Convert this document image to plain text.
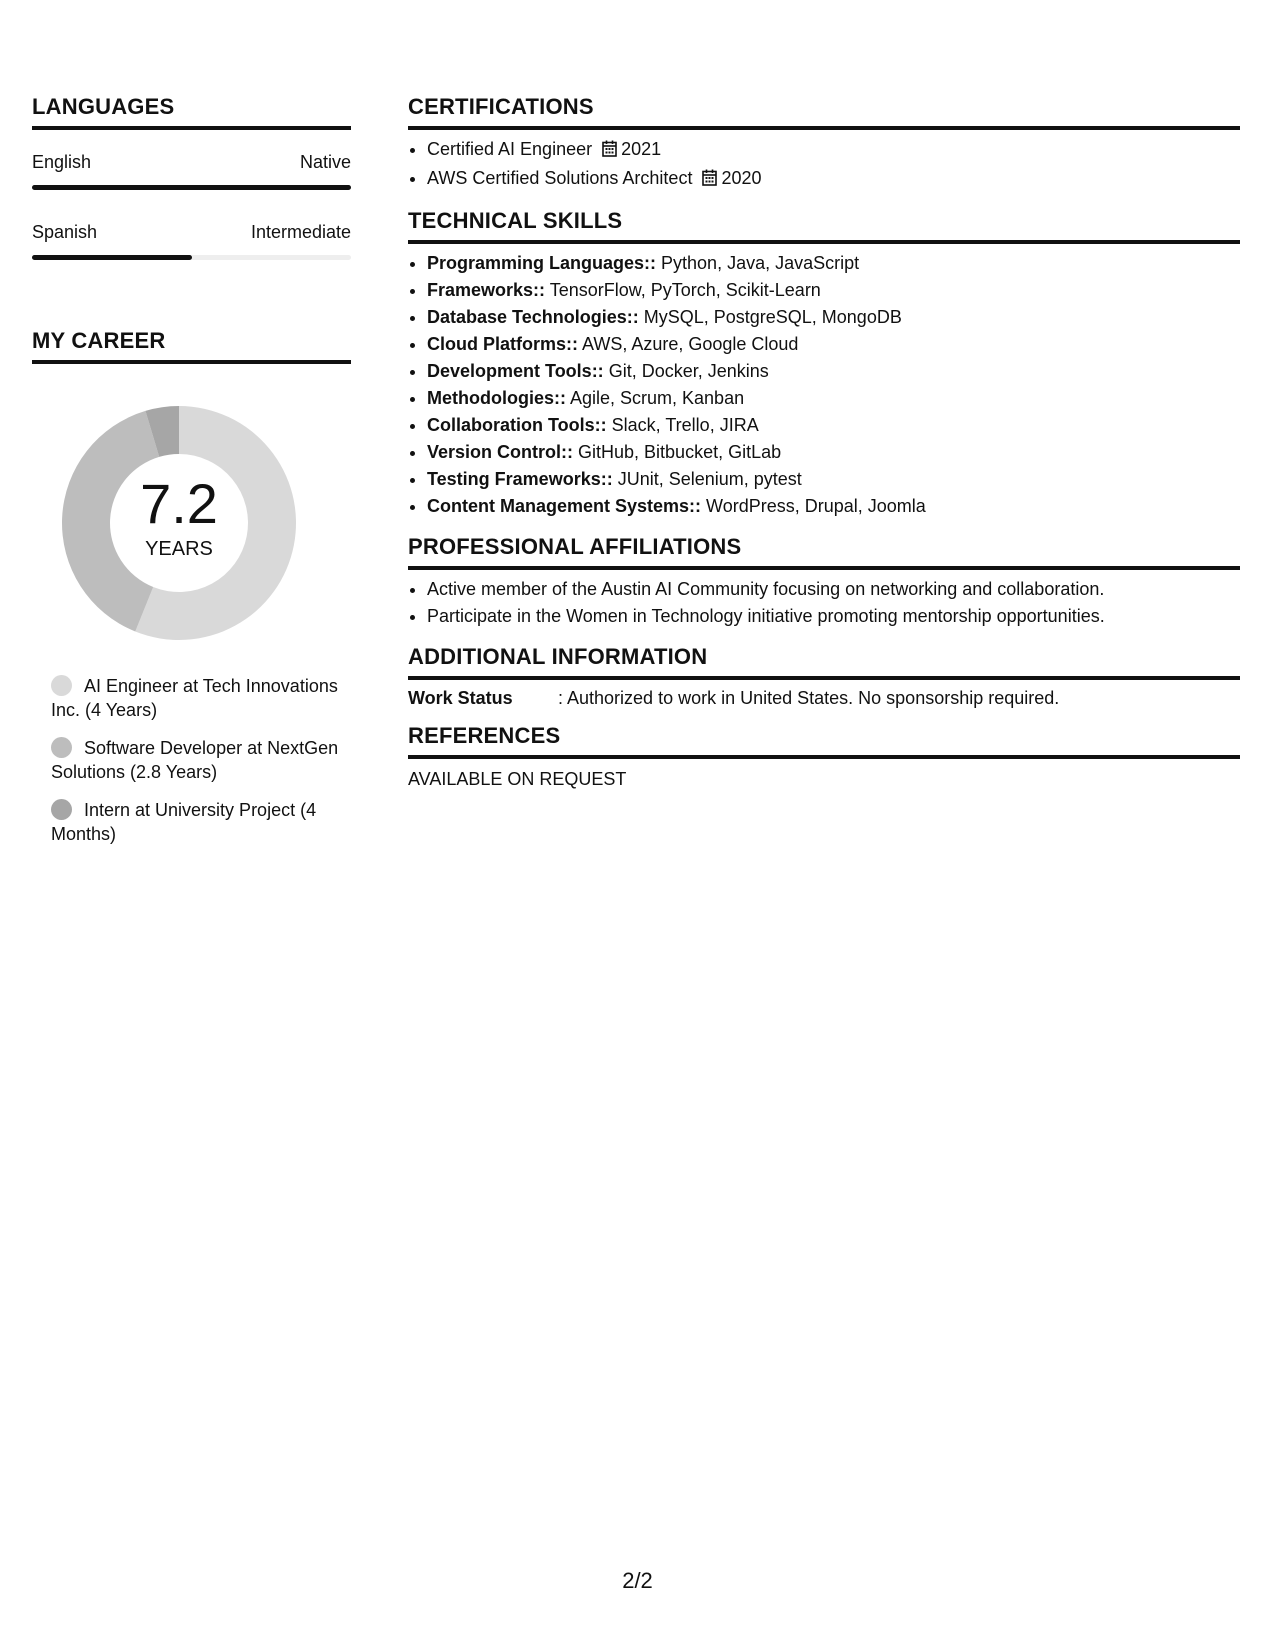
LANGUAGES
English	Native
Spanish	Intermediate
MY CAREER
7.2
YEARS
AI Engineer at Tech Innovations Inc. (4 Years)
Software Developer at NextGen Solutions (2.8 Years)
Intern at University Project (4 Months)
CERTIFICATIONS
• Certified AI Engineer 2021
• AWS Certified Solutions Architect 2020
TECHNICAL SKILLS
• Programming Languages:: Python, Java, JavaScript
• Frameworks:: TensorFlow, PyTorch, Scikit-Learn
• Database Technologies:: MySQL, PostgreSQL, MongoDB
• Cloud Platforms:: AWS, Azure, Google Cloud
• Development Tools:: Git, Docker, Jenkins
• Methodologies:: Agile, Scrum, Kanban
• Collaboration Tools:: Slack, Trello, JIRA
• Version Control:: GitHub, Bitbucket, GitLab
• Testing Frameworks:: JUnit, Selenium, pytest
• Content Management Systems:: WordPress, Drupal, Joomla
PROFESSIONAL AFFILIATIONS
• Active member of the Austin AI Community focusing on networking and collaboration.
• Participate in the Women in Technology initiative promoting mentorship opportunities.
ADDITIONAL INFORMATION
Work Status	: Authorized to work in United States. No sponsorship required.
REFERENCES
AVAILABLE ON REQUEST
2/2
